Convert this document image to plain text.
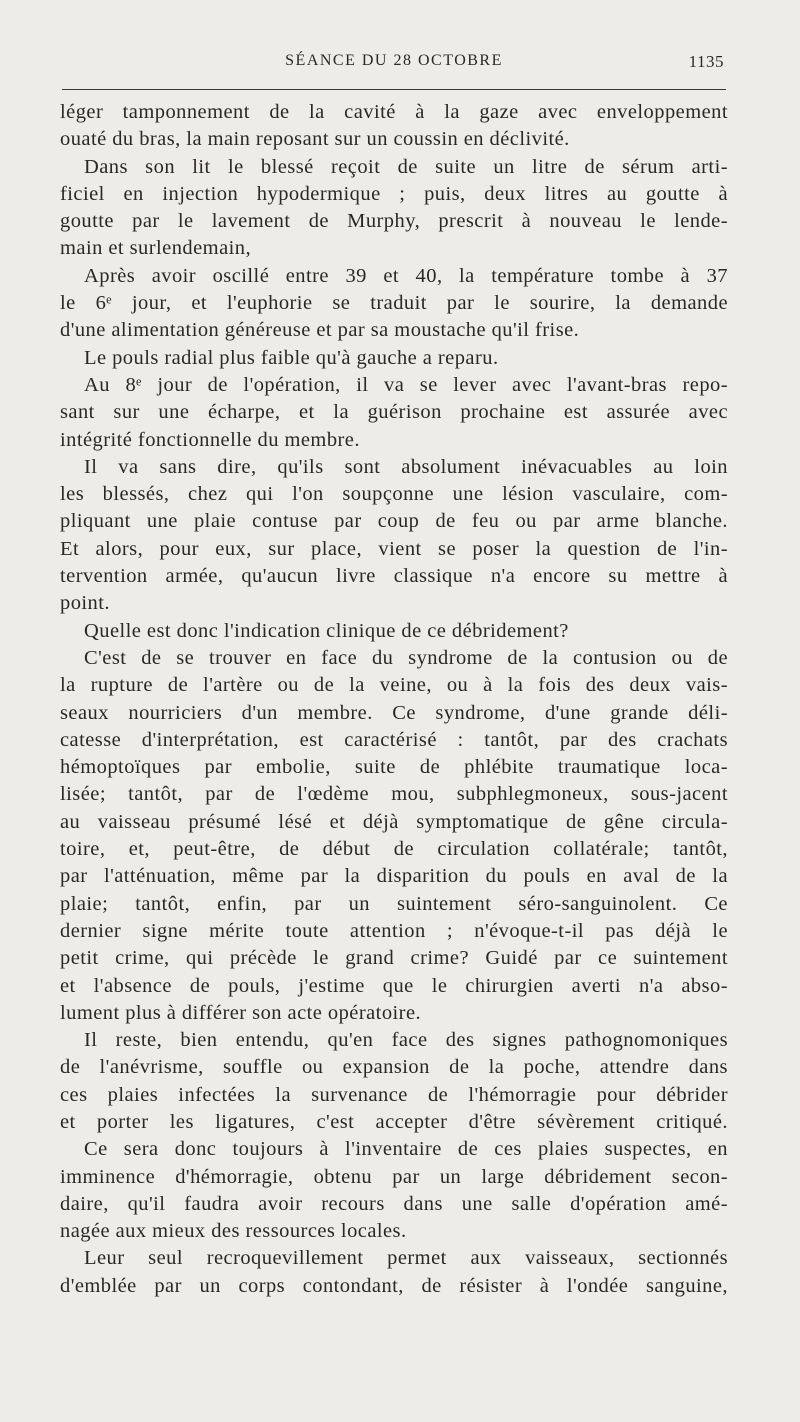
SÉANCE DU 28 OCTOBRE	1135
léger tamponnement de la cavité à la gaze avec enveloppement
ouaté du bras, la main reposant sur un coussin en déclivité.
Dans son lit le blessé reçoit de suite un litre de sérum arti-
ficiel en injection hypodermique ; puis, deux litres au goutte à
goutte par le lavement de Murphy, prescrit à nouveau le lende-
main et surlendemain,
Après avoir oscillé entre 39 et 40, la température tombe à 37
le 6ᵉ jour, et l'euphorie se traduit par le sourire, la demande
d'une alimentation généreuse et par sa moustache qu'il frise.
Le pouls radial plus faible qu'à gauche a reparu.
Au 8ᵉ jour de l'opération, il va se lever avec l'avant-bras repo-
sant sur une écharpe, et la guérison prochaine est assurée avec
intégrité fonctionnelle du membre.
Il va sans dire, qu'ils sont absolument inévacuables au loin
les blessés, chez qui l'on soupçonne une lésion vasculaire, com-
pliquant une plaie contuse par coup de feu ou par arme blanche.
Et alors, pour eux, sur place, vient se poser la question de l'in-
tervention armée, qu'aucun livre classique n'a encore su mettre à
point.
Quelle est donc l'indication clinique de ce débridement?
C'est de se trouver en face du syndrome de la contusion ou de
la rupture de l'artère ou de la veine, ou à la fois des deux vais-
seaux nourriciers d'un membre. Ce syndrome, d'une grande déli-
catesse d'interprétation, est caractérisé : tantôt, par des crachats
hémoptoïques par embolie, suite de phlébite traumatique loca-
lisée; tantôt, par de l'œdème mou, subphlegmoneux, sous-jacent
au vaisseau présumé lésé et déjà symptomatique de gêne circula-
toire, et, peut-être, de début de circulation collatérale; tantôt,
par l'atténuation, même par la disparition du pouls en aval de la
plaie; tantôt, enfin, par un suintement séro-sanguinolent. Ce
dernier signe mérite toute attention ; n'évoque-t-il pas déjà le
petit crime, qui précède le grand crime? Guidé par ce suintement
et l'absence de pouls, j'estime que le chirurgien averti n'a abso-
lument plus à différer son acte opératoire.
Il reste, bien entendu, qu'en face des signes pathognomoniques
de l'anévrisme, souffle ou expansion de la poche, attendre dans
ces plaies infectées la survenance de l'hémorragie pour débrider
et porter les ligatures, c'est accepter d'être sévèrement critiqué.
Ce sera donc toujours à l'inventaire de ces plaies suspectes, en
imminence d'hémorragie, obtenu par un large débridement secon-
daire, qu'il faudra avoir recours dans une salle d'opération amé-
nagée aux mieux des ressources locales.
Leur seul recroquevillement permet aux vaisseaux, sectionnés
d'emblée par un corps contondant, de résister à l'ondée sanguine,
